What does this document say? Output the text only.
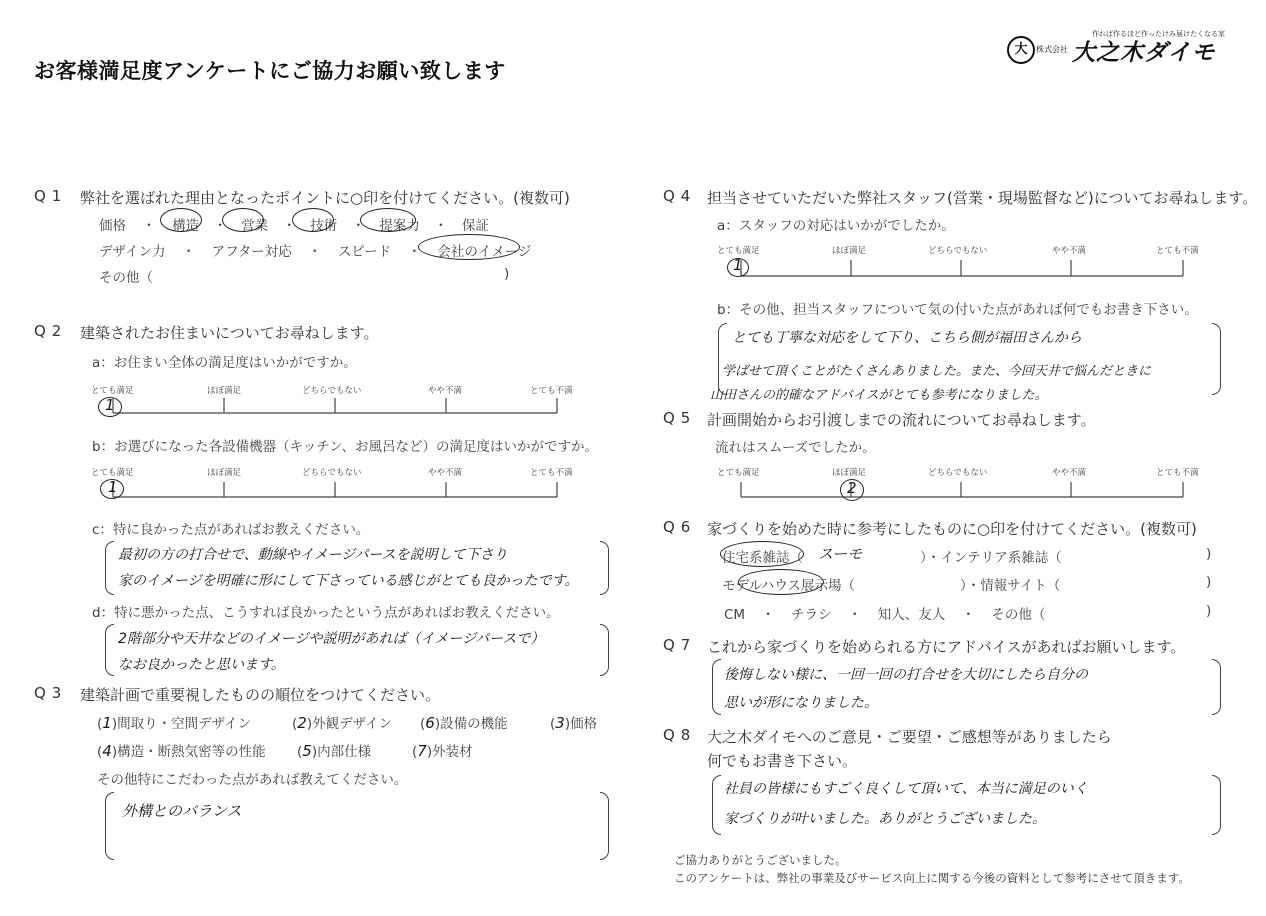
お客様満足度アンケートにご協力お願い致します
作れば作るほど作ったけみ届けたくなる家
大	株式会社 大之木ダイモ
Q1 弊社を選ばれた理由となったポイントに○印を付けてください。(複数可)
価格 ・ 構造 ・ 営業 ・ 技術 ・ 提案力 ・ 保証
デザイン力 ・ アフター対応 ・ スピード ・ 会社のイメージ
その他（	)
Q2 建築されたお住まいについてお尋ねします。
a：お住まい全体の満足度はいかがですか。
とても満足	ほぼ満足	どちらでもない	やや不満	とても不満
1
b：お選びになった各設備機器（キッチン、お風呂など）の満足度はいかがですか。
とても満足	ほぼ満足	どちらでもない	やや不満	とても不満
1
c：特に良かった点があればお教えください。
最初の方の打合せで、動線やイメージパースを説明して下さり
家のイメージを明確に形にして下さっている感じがとても良かったです。
d：特に悪かった点、こうすれば良かったという点があればお教えください。
2階部分や天井などのイメージや説明があれば（イメージパースで）
なお良かったと思います。
Q3 建築計画で重要視したものの順位をつけてください。
(1)間取り・空間デザイン	(2)外観デザイン (6)設備の機能	(3)価格
(4)構造・断熱気密等の性能 (5)内部仕様	(7)外装材
その他特にこだわった点があれば教えてください。
外構とのバランス
Q4 担当させていただいた弊社スタッフ(営業・現場監督など)についてお尋ねします。
a：スタッフの対応はいかがでしたか。
とても満足	ほぼ満足	どちらでもない	やや不満	とても不満
1
b：その他、担当スタッフについて気の付いた点があれば何でもお書き下さい。
とても丁寧な対応をして下り、こちら側が福田さんから
学ばせて頂くことがたくさんありました。また、今回天井で悩んだときに
山田さんの的確なアドバイスがとても参考になりました。
Q5 計画開始からお引渡しまでの流れについてお尋ねします。
流れはスムーズでしたか。
とても満足	ほぼ満足	どちらでもない	やや不満	とても不満
2
Q6 家づくりを始めた時に参考にしたものに○印を付けてください。(複数可)
住宅系雑誌（ スーモ	）・インテリア系雑誌（	)
モデルハウス展示場（	）・情報サイト（	)
CM ・ チラシ ・ 知人、友人 ・ その他（	)
Q7 これから家づくりを始められる方にアドバイスがあればお願いします。
後悔しない様に、一回一回の打合せを大切にしたら自分の
思いが形になりました。
Q8 大之木ダイモへのご意見・ご要望・ご感想等がありましたら
何でもお書き下さい。
社員の皆様にもすごく良くして頂いて、本当に満足のいく
家づくりが叶いました。ありがとうございました。
ご協力ありがとうございました。
このアンケートは、弊社の事業及びサービス向上に関する今後の資料として参考にさせて頂きます。
